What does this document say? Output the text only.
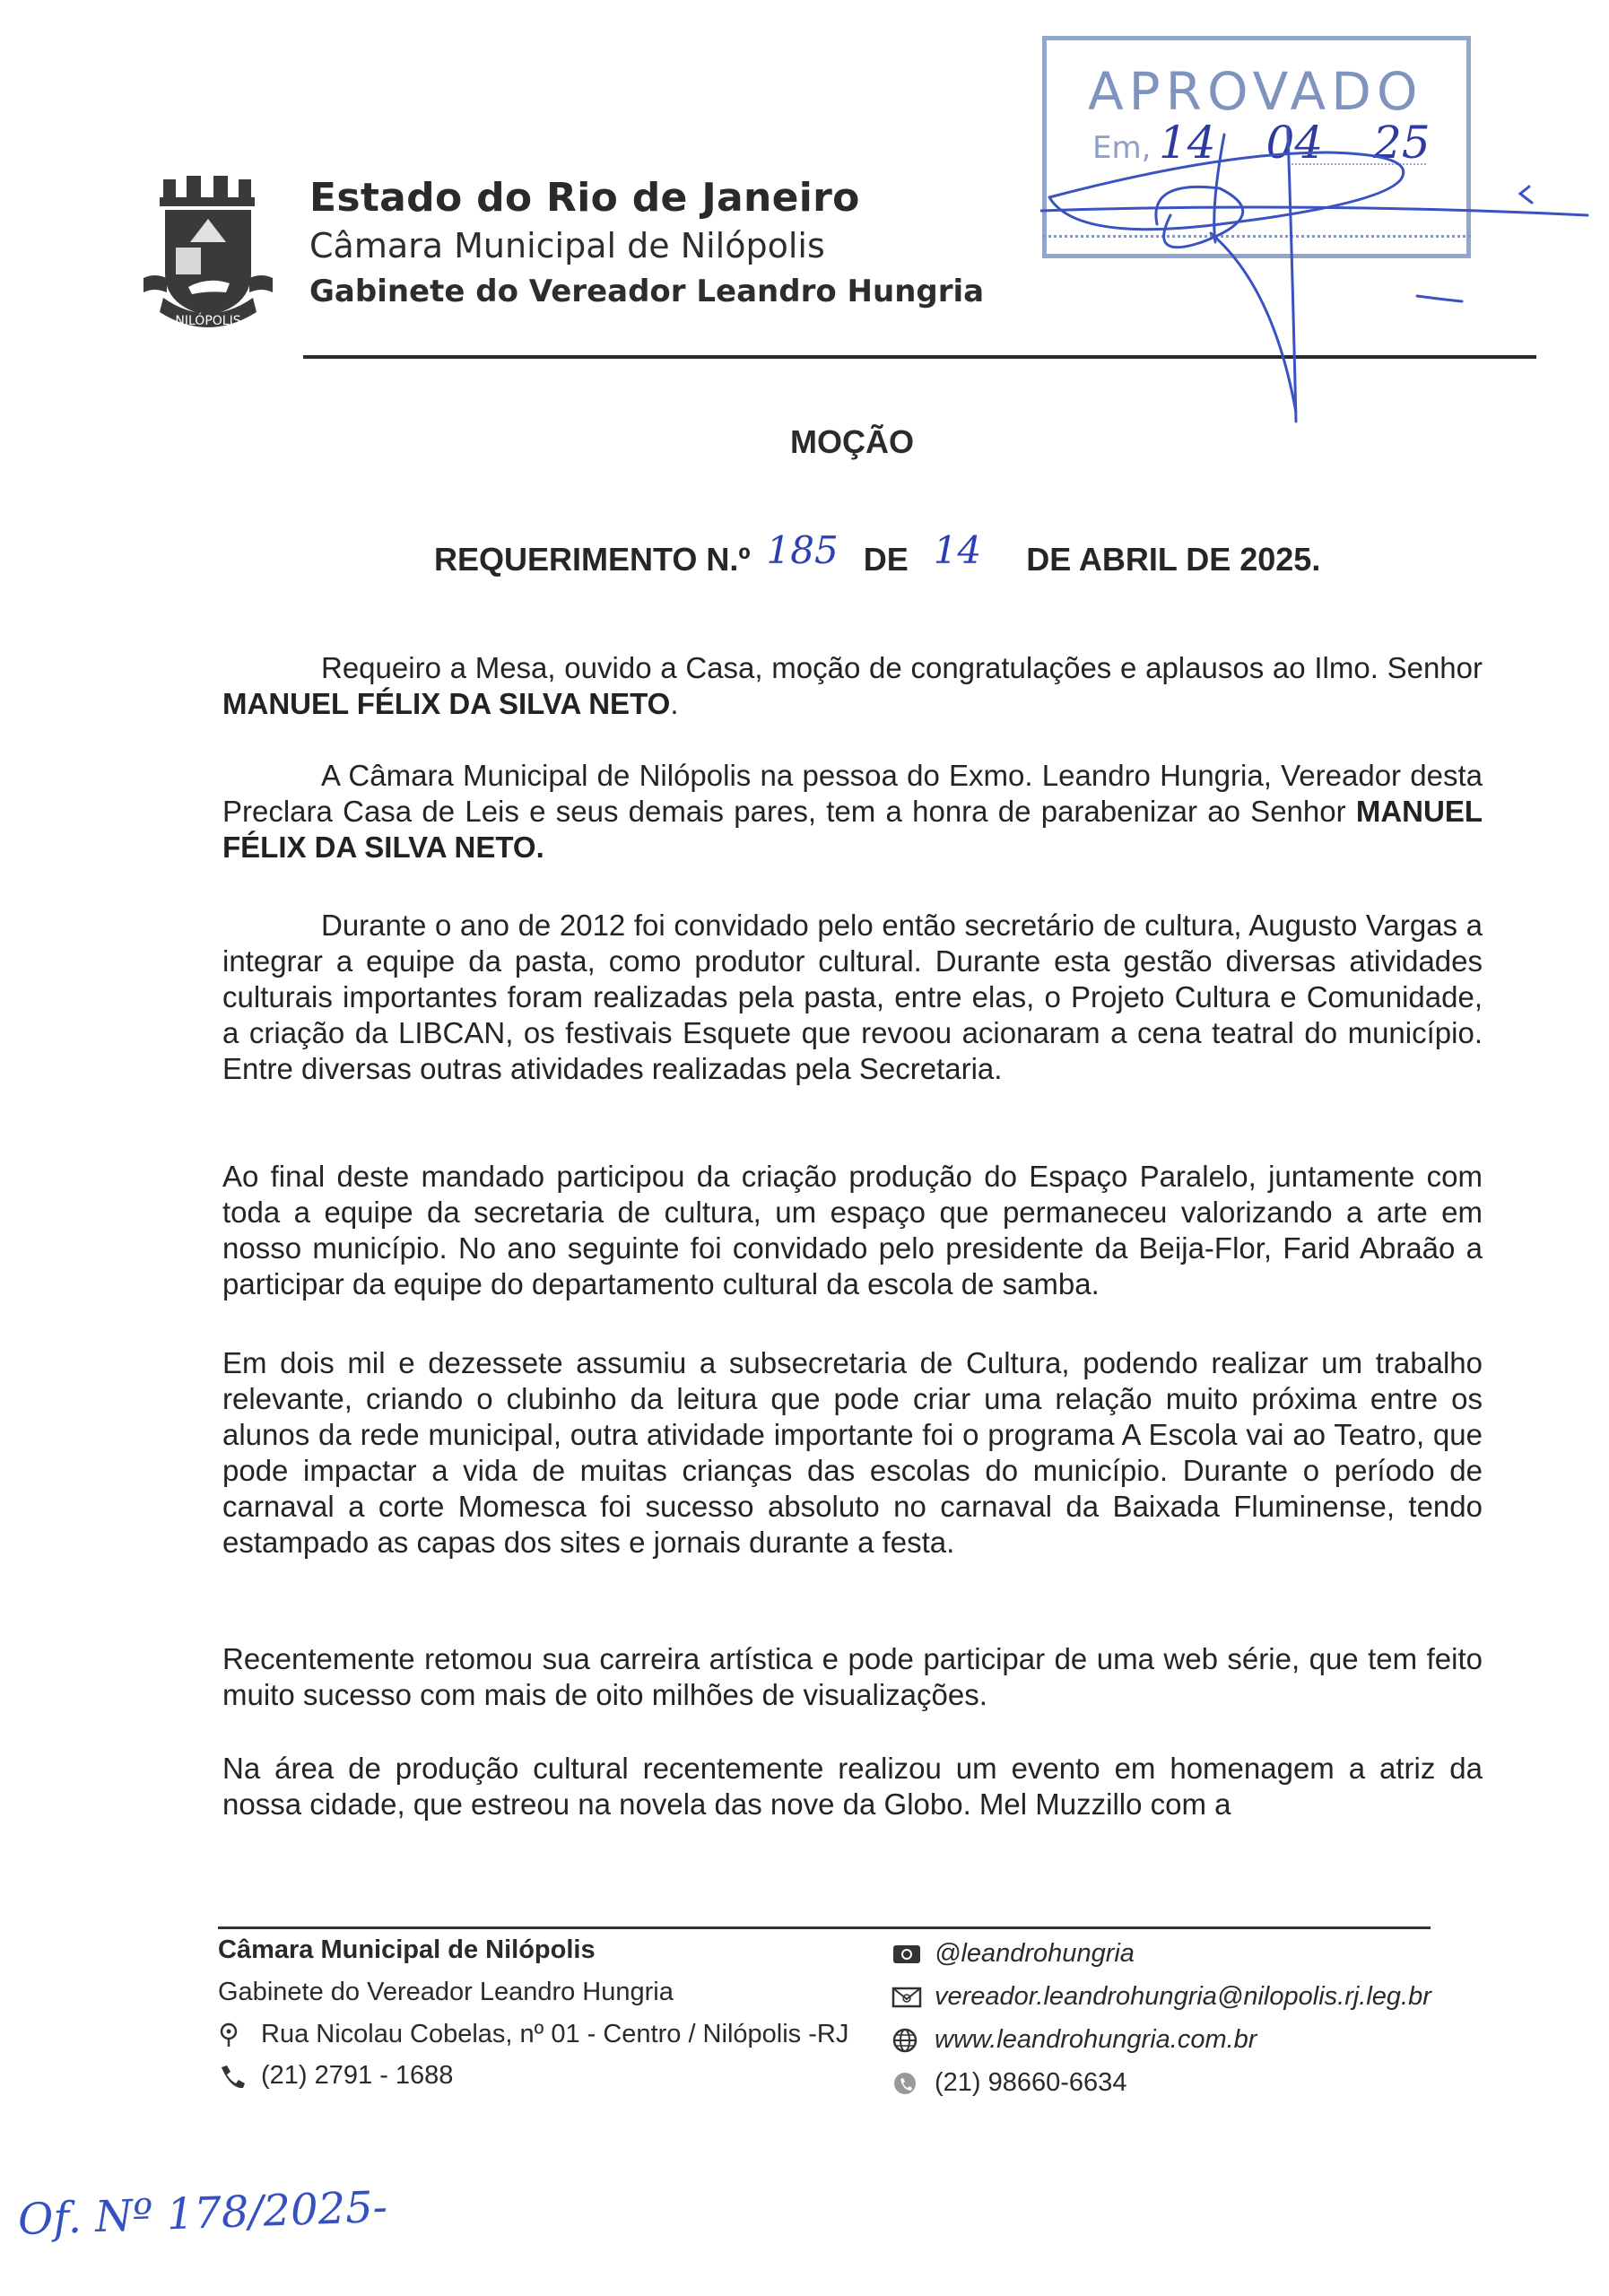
NILÓPOLIS
Estado do Rio de Janeiro
Câmara Municipal de Nilópolis
Gabinete do Vereador Leandro Hungria
APROVADO
Em, 14 04 25
MOÇÃO
REQUERIMENTO N.º 185 DE 14 DE ABRIL DE 2025.
Requeiro a Mesa, ouvido a Casa, moção de congratulações e aplausos ao Ilmo. Senhor MANUEL FÉLIX DA SILVA NETO.
A Câmara Municipal de Nilópolis na pessoa do Exmo. Leandro Hungria, Vereador desta Preclara Casa de Leis e seus demais pares, tem a honra de parabenizar ao Senhor MANUEL FÉLIX DA SILVA NETO.
Durante o ano de 2012 foi convidado pelo então secretário de cultura, Augusto Vargas a integrar a equipe da pasta, como produtor cultural. Durante esta gestão diversas atividades culturais importantes foram realizadas pela pasta, entre elas, o Projeto Cultura e Comunidade, a criação da LIBCAN, os festivais Esquete que revoou acionaram a cena teatral do município. Entre diversas outras atividades realizadas pela Secretaria.
Ao final deste mandado participou da criação produção do Espaço Paralelo, juntamente com toda a equipe da secretaria de cultura, um espaço que permaneceu valorizando a arte em nosso município. No ano seguinte foi convidado pelo presidente da Beija-Flor, Farid Abraão a participar da equipe do departamento cultural da escola de samba.
Em dois mil e dezessete assumiu a subsecretaria de Cultura, podendo realizar um trabalho relevante, criando o clubinho da leitura que pode criar uma relação muito próxima entre os alunos da rede municipal, outra atividade importante foi o programa A Escola vai ao Teatro, que pode impactar a vida de muitas crianças das escolas do município. Durante o período de carnaval a corte Momesca foi sucesso absoluto no carnaval da Baixada Fluminense, tendo estampado as capas dos sites e jornais durante a festa.
Recentemente retomou sua carreira artística e pode participar de uma web série, que tem feito muito sucesso com mais de oito milhões de visualizações.
Na área de produção cultural recentemente realizou um evento em homenagem a atriz da nossa cidade, que estreou na novela das nove da Globo. Mel Muzzillo com a
Câmara Municipal de Nilópolis
Gabinete do Vereador Leandro Hungria
Rua Nicolau Cobelas, nº 01 - Centro / Nilópolis -RJ
(21) 2791 - 1688
@leandrohungria
vereador.leandrohungria@nilopolis.rj.leg.br
www.leandrohungria.com.br
(21) 98660-6634
Of. Nº 178/2025-
